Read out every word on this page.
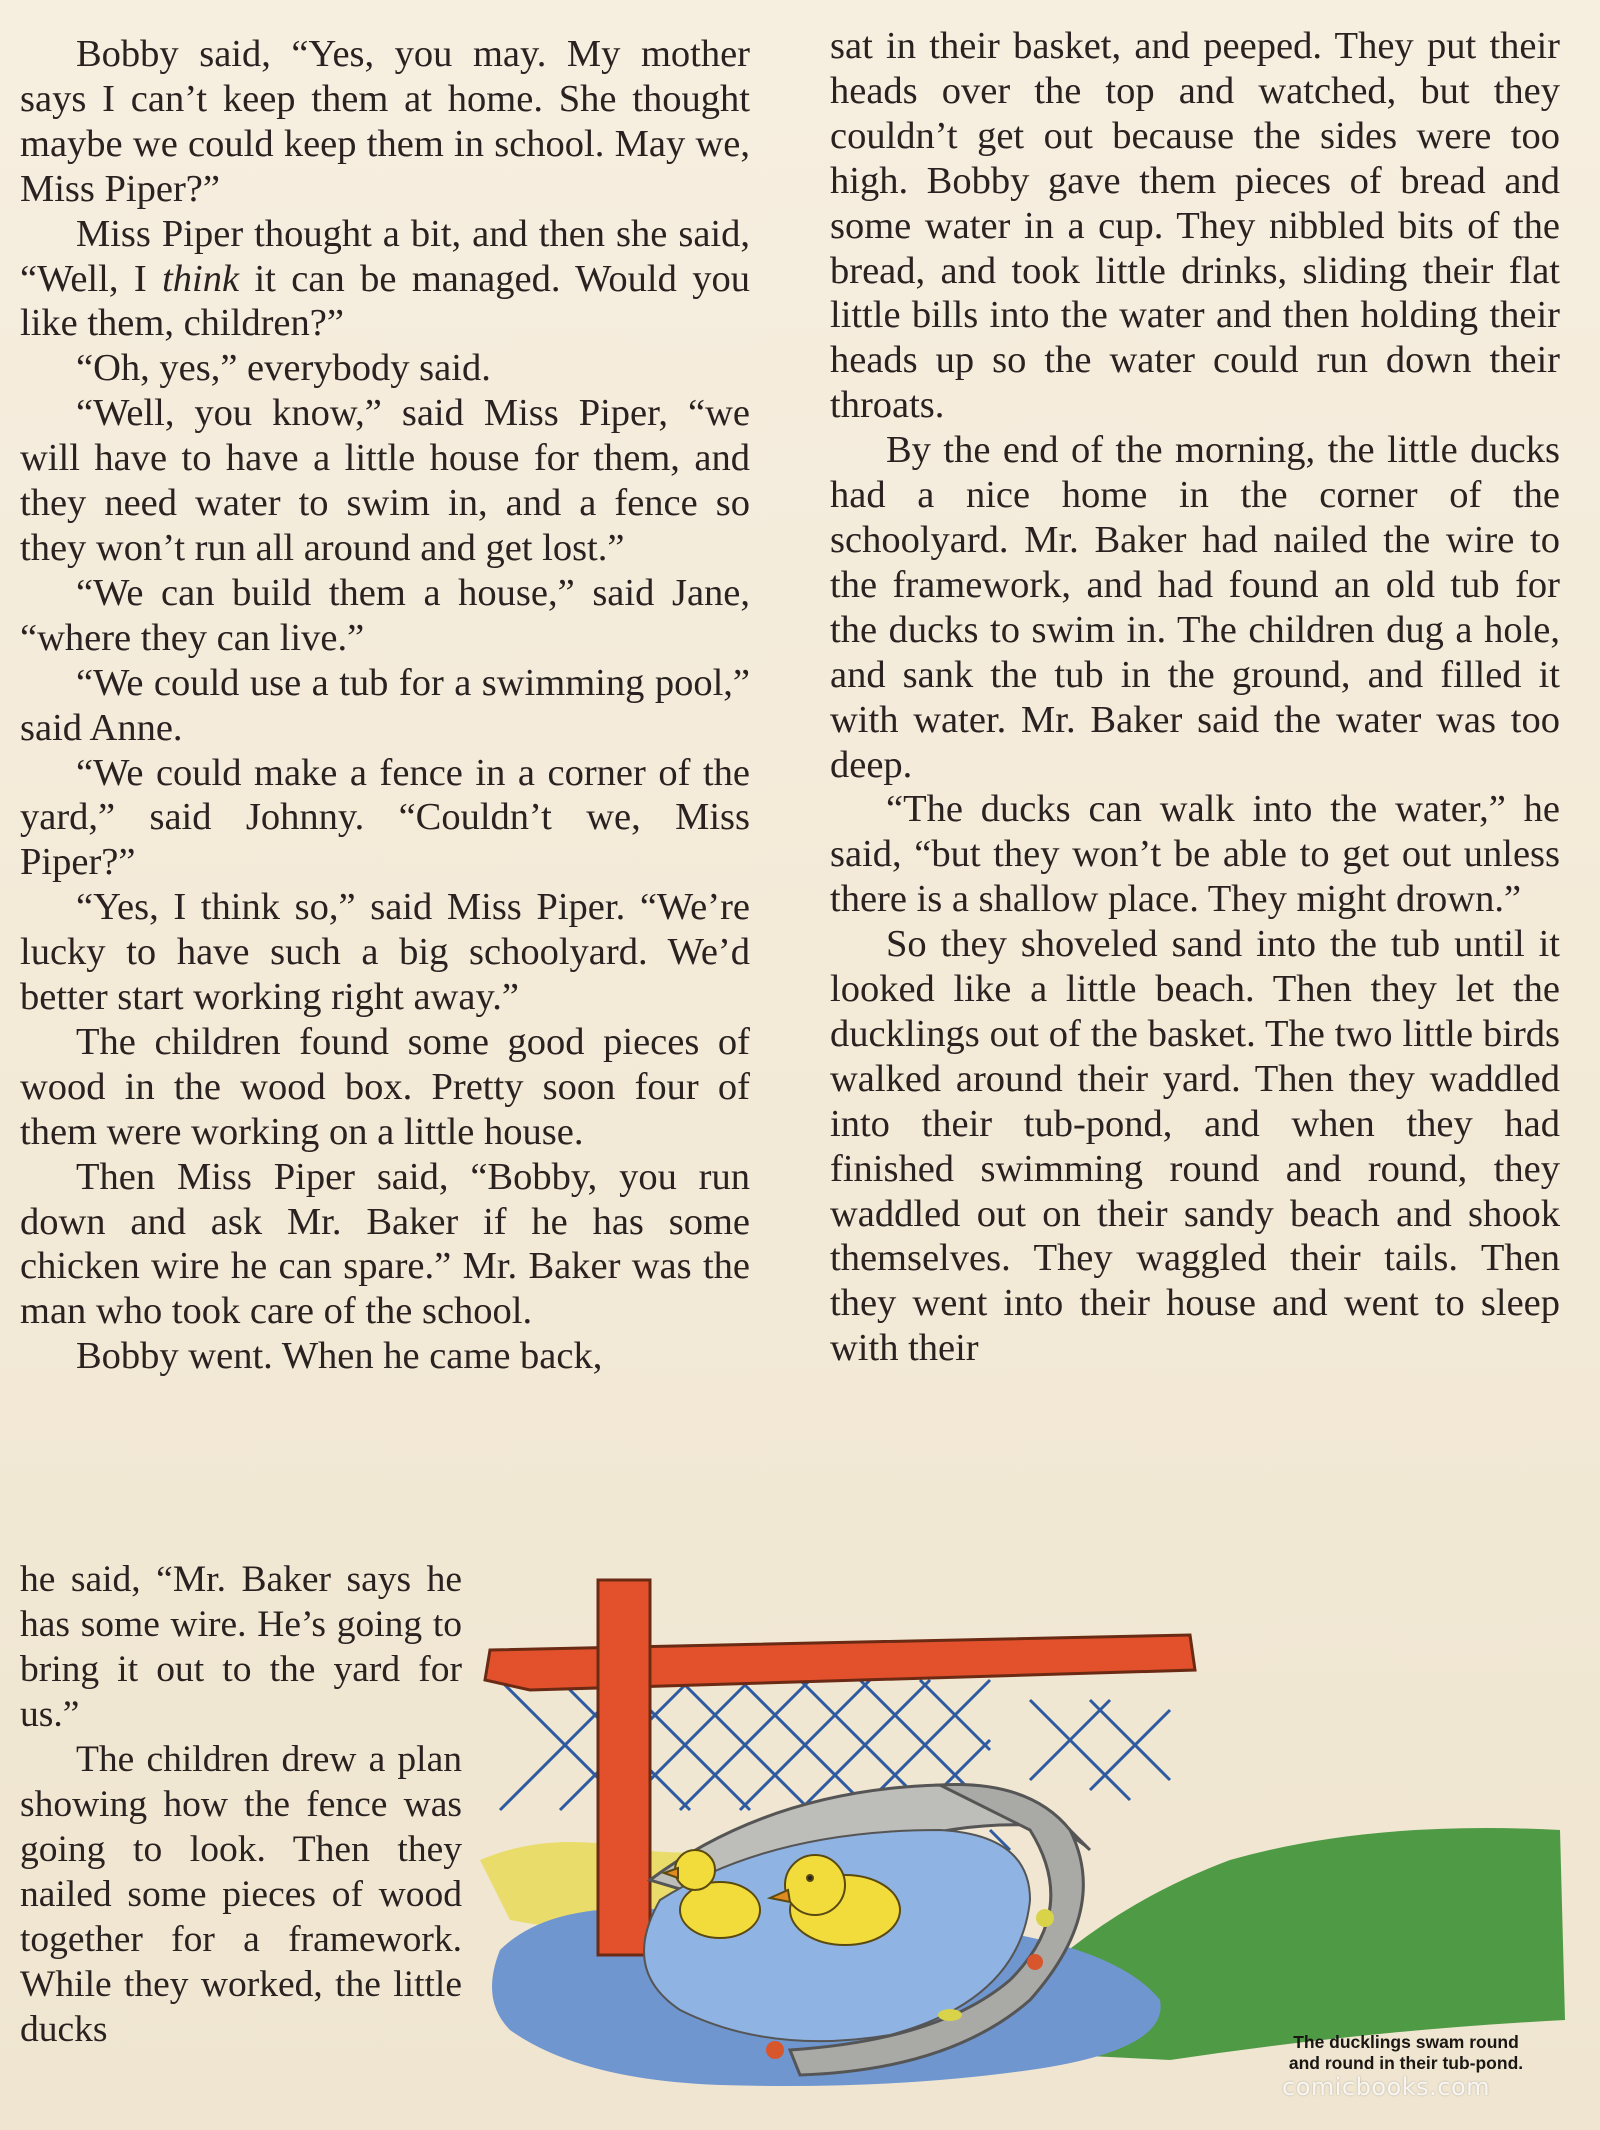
Bobby said, “Yes, you may. My mother says I can’t keep them at home. She thought maybe we could keep them in school. May we, Miss Piper?”

Miss Piper thought a bit, and then she said, “Well, I think it can be managed. Would you like them, children?”

“Oh, yes,” everybody said.

“Well, you know,” said Miss Piper, “we will have to have a little house for them, and they need water to swim in, and a fence so they won’t run all around and get lost.”

“We can build them a house,” said Jane, “where they can live.”

“We could use a tub for a swimming pool,” said Anne.

“We could make a fence in a corner of the yard,” said Johnny. “Couldn’t we, Miss Piper?”

“Yes, I think so,” said Miss Piper. “We’re lucky to have such a big schoolyard. We’d better start working right away.”

The children found some good pieces of wood in the wood box. Pretty soon four of them were working on a little house.

Then Miss Piper said, “Bobby, you run down and ask Mr. Baker if he has some chicken wire he can spare.” Mr. Baker was the man who took care of the school.

Bobby went. When he came back,

he said, “Mr. Baker says he has some wire. He’s going to bring it out to the yard for us.”

The children drew a plan showing how the fence was going to look. Then they nailed some pieces of wood together for a framework. While they worked, the little ducks

sat in their basket, and peeped. They put their heads over the top and watched, but they couldn’t get out because the sides were too high. Bobby gave them pieces of bread and some water in a cup. They nibbled bits of the bread, and took little drinks, sliding their flat little bills into the water and then holding their heads up so the water could run down their throats.

By the end of the morning, the little ducks had a nice home in the corner of the schoolyard. Mr. Baker had nailed the wire to the framework, and had found an old tub for the ducks to swim in. The children dug a hole, and sank the tub in the ground, and filled it with water. Mr. Baker said the water was too deep.

“The ducks can walk into the water,” he said, “but they won’t be able to get out unless there is a shallow place. They might drown.”

So they shoveled sand into the tub until it looked like a little beach. Then they let the ducklings out of the basket. The two little birds walked around their yard. Then they waddled into their tub-pond, and when they had finished swimming round and round, they waddled out on their sandy beach and shook themselves. They waggled their tails. Then they went into their house and went to sleep with their

The ducklings swam round
and round in their tub-pond.
comicbooks.com
